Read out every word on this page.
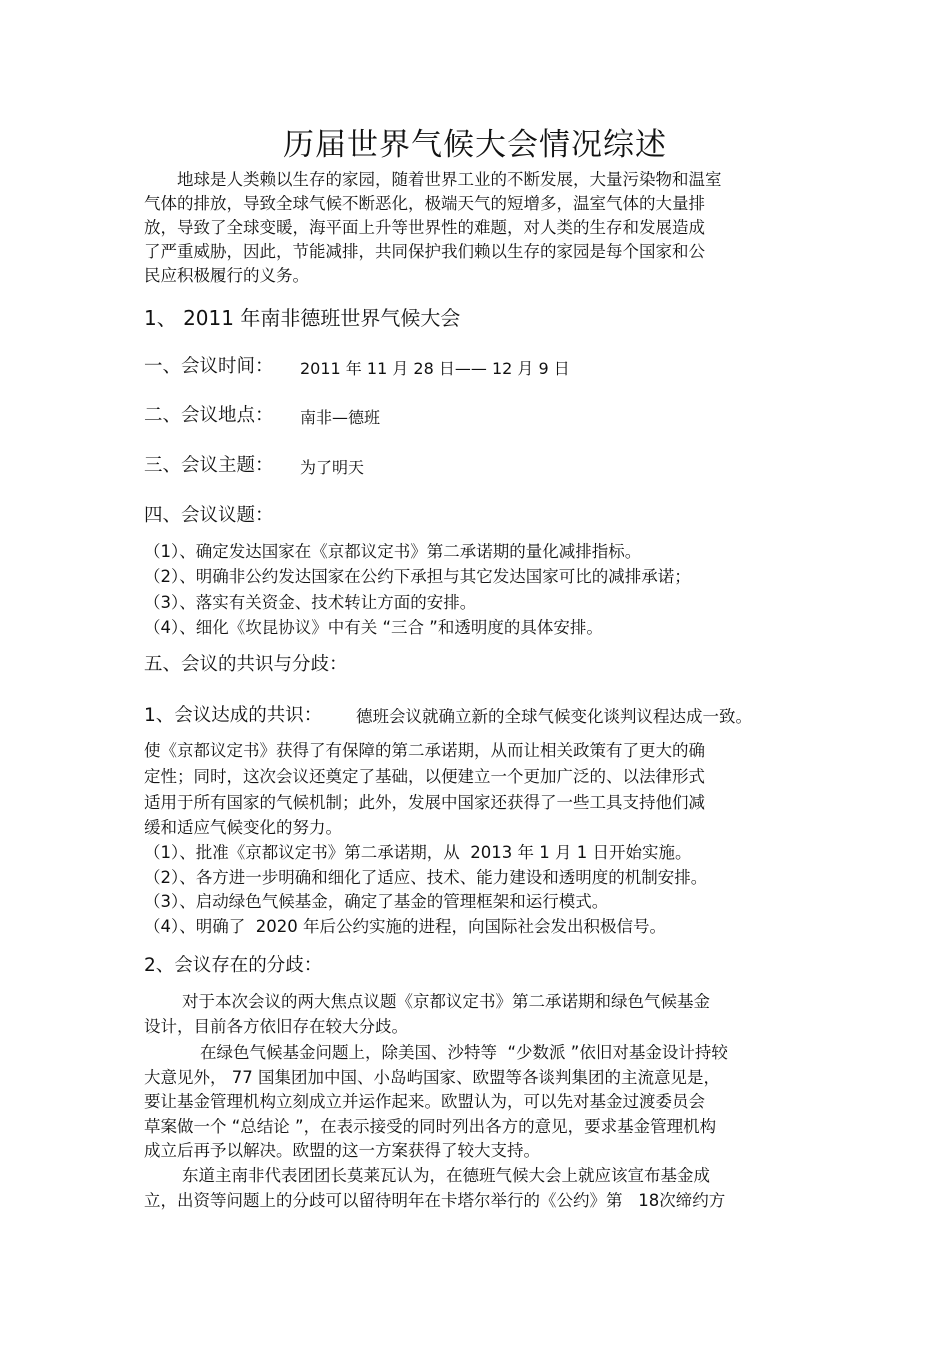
历届世界气候大会情况综述
地球是人类赖以生存的家园，随着世界工业的不断发展，大量污染物和温室
气体的排放，导致全球气候不断恶化，极端天气的短增多，温室气体的大量排
放，导致了全球变暖，海平面上升等世界性的难题，对人类的生存和发展造成
了严重威胁，因此，节能减排，共同保护我们赖以生存的家园是每个国家和公
民应积极履行的义务。
1、 2011 年南非德班世界气候大会
一、会议时间： 2011 年 11 月 28 日—— 12 月 9 日
二、会议地点： 南非—德班
三、会议主题： 为了明天
四、会议议题：
（1）、确定发达国家在《京都议定书》第二承诺期的量化减排指标。
（2）、明确非公约发达国家在公约下承担与其它发达国家可比的减排承诺；
（3）、落实有关资金、技术转让方面的安排。
（4）、细化《坎昆协议》中有关 “三合 ”和透明度的具体安排。
五、会议的共识与分歧：
1、会议达成的共识： 德班会议就确立新的全球气候变化谈判议程达成一致。
使《京都议定书》获得了有保障的第二承诺期，从而让相关政策有了更大的确
定性；同时，这次会议还奠定了基础，以便建立一个更加广泛的、以法律形式
适用于所有国家的气候机制；此外，发展中国家还获得了一些工具支持他们减
缓和适应气候变化的努力。
（1）、批准《京都议定书》第二承诺期，从  2013 年 1 月 1 日开始实施。
（2）、各方进一步明确和细化了适应、技术、能力建设和透明度的机制安排。
（3）、启动绿色气候基金，确定了基金的管理框架和运行模式。
（4）、明确了  2020 年后公约实施的进程，向国际社会发出积极信号。
2、会议存在的分歧：
对于本次会议的两大焦点议题《京都议定书》第二承诺期和绿色气候基金
设计，目前各方依旧存在较大分歧。
在绿色气候基金问题上，除美国、沙特等  “少数派 ”依旧对基金设计持较
大意见外， 77 国集团加中国、小岛屿国家、欧盟等各谈判集团的主流意见是，
要让基金管理机构立刻成立并运作起来。欧盟认为，可以先对基金过渡委员会
草案做一个 “总结论 ”，在表示接受的同时列出各方的意见，要求基金管理机构
成立后再予以解决。欧盟的这一方案获得了较大支持。
东道主南非代表团团长莫莱瓦认为，在德班气候大会上就应该宣布基金成
立，出资等问题上的分歧可以留待明年在卡塔尔举行的《公约》第   18次缔约方
